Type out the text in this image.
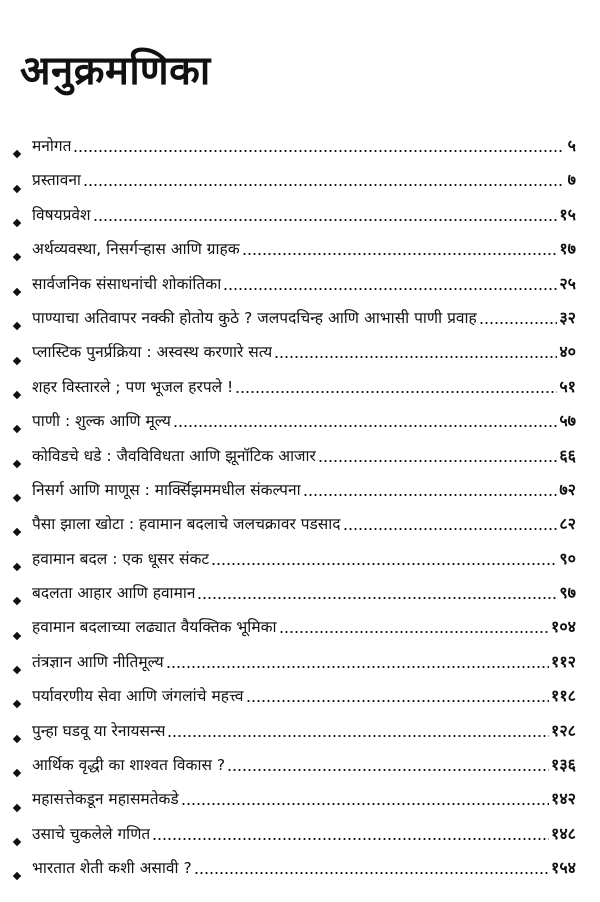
अनुक्रमणिका
मनोगत	५
प्रस्तावना	७
विषयप्रवेश	१५
अर्थव्यवस्था, निसर्गऱ्हास आणि ग्राहक	१७
सार्वजनिक संसाधनांची शोकांतिका	२५
पाण्याचा अतिवापर नक्की होतोय कुठे ? जलपदचिन्ह आणि आभासी पाणी प्रवाह	३२
प्लास्टिक पुनर्प्रक्रिया : अस्वस्थ करणारे सत्य	४०
शहर विस्तारले ; पण भूजल हरपले !	५१
पाणी : शुल्क आणि मूल्य	५७
कोविडचे धडे : जैवविविधता आणि झूनॉटिक आजार	६६
निसर्ग आणि माणूस : मार्क्सिझममधील संकल्पना	७२
पैसा झाला खोटा : हवामान बदलाचे जलचक्रावर पडसाद	८२
हवामान बदल : एक धूसर संकट	९०
बदलता आहार आणि हवामान	९७
हवामान बदलाच्या लढ्यात वैयक्तिक भूमिका	१०४
तंत्रज्ञान आणि नीतिमूल्य	११२
पर्यावरणीय सेवा आणि जंगलांचे महत्त्व	११८
पुन्हा घडवू या रेनायसन्स	१२८
आर्थिक वृद्धी का शाश्वत विकास ?	१३६
महासत्तेकडून महासमतेकडे	१४२
उसाचे चुकलेले गणित	१४८
भारतात शेती कशी असावी ?	१५४
